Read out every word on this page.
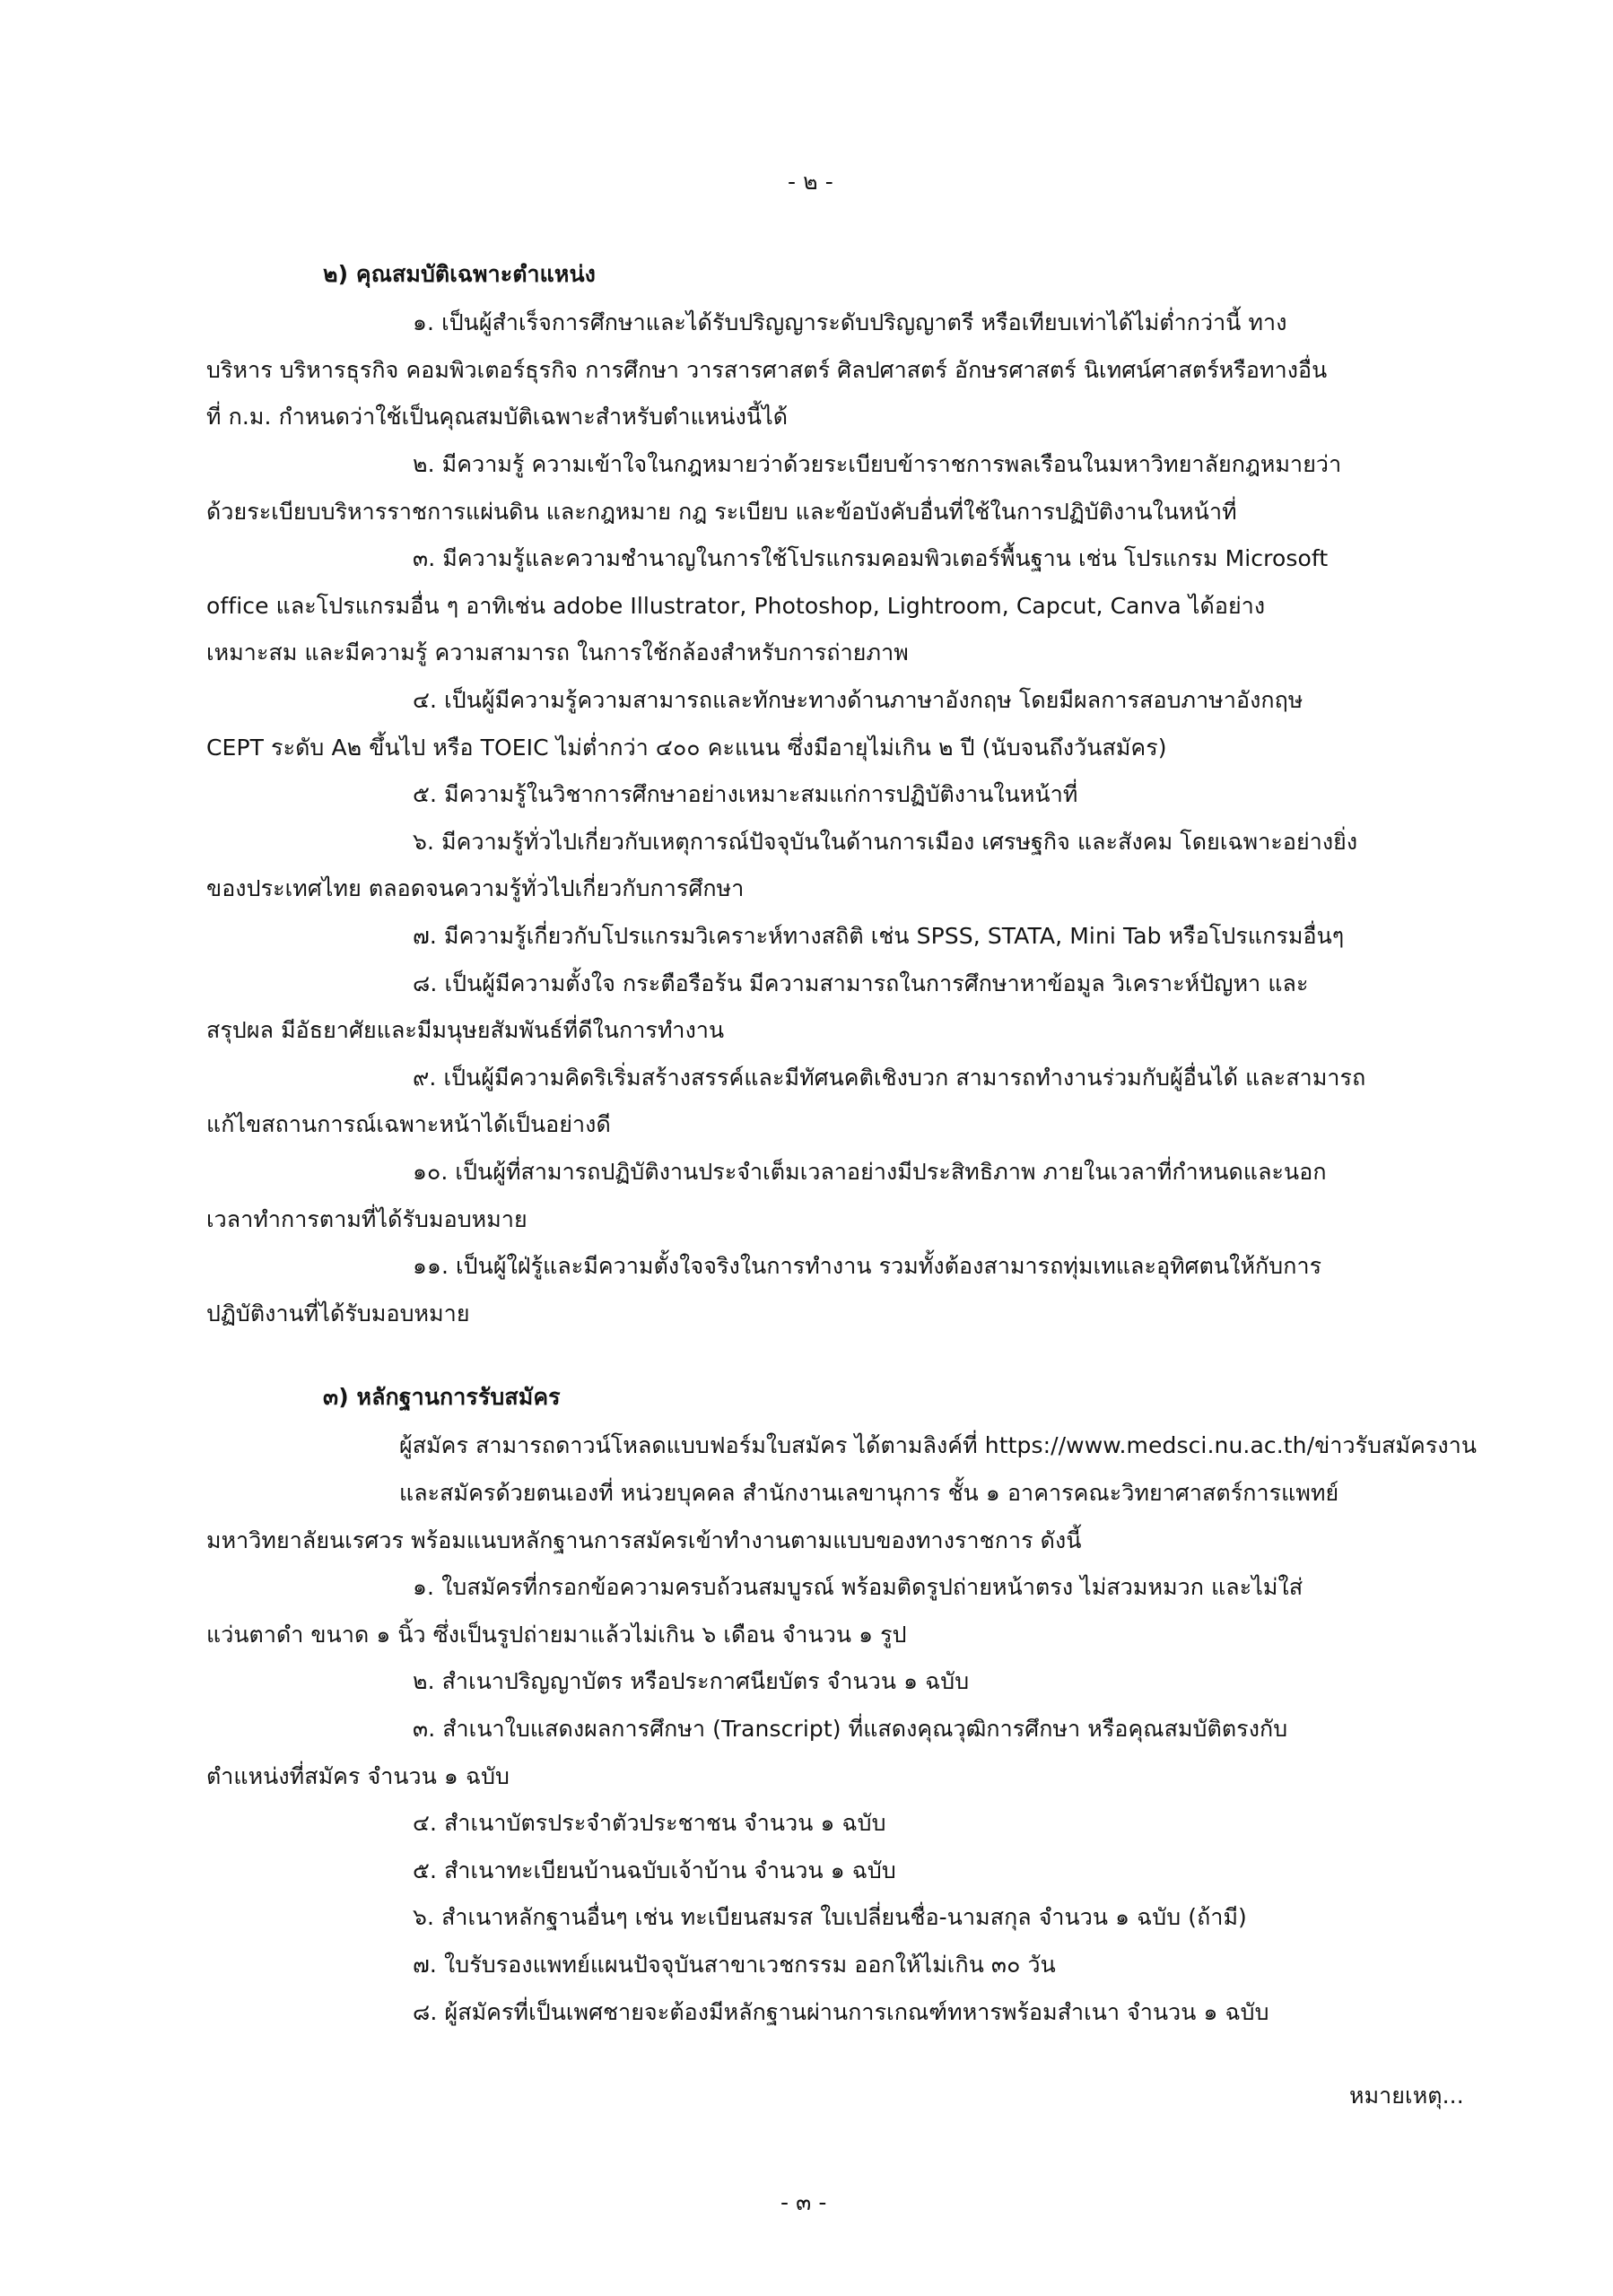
- ๒ -
๒) คุณสมบัติเฉพาะตำแหน่ง
๑. เป็นผู้สำเร็จการศึกษาและได้รับปริญญาระดับปริญญาตรี หรือเทียบเท่าได้ไม่ต่ำกว่านี้ ทาง
บริหาร บริหารธุรกิจ คอมพิวเตอร์ธุรกิจ การศึกษา วารสารศาสตร์ ศิลปศาสตร์ อักษรศาสตร์ นิเทศน์ศาสตร์หรือทางอื่น
ที่ ก.ม. กำหนดว่าใช้เป็นคุณสมบัติเฉพาะสำหรับตำแหน่งนี้ได้
๒. มีความรู้ ความเข้าใจในกฎหมายว่าด้วยระเบียบข้าราชการพลเรือนในมหาวิทยาลัยกฎหมายว่า
ด้วยระเบียบบริหารราชการแผ่นดิน และกฎหมาย กฎ ระเบียบ และข้อบังคับอื่นที่ใช้ในการปฏิบัติงานในหน้าที่
๓. มีความรู้และความชำนาญในการใช้โปรแกรมคอมพิวเตอร์พื้นฐาน เช่น โปรแกรม Microsoft
office และโปรแกรมอื่น ๆ อาทิเช่น adobe Illustrator, Photoshop, Lightroom, Capcut, Canva ได้อย่าง
เหมาะสม และมีความรู้ ความสามารถ ในการใช้กล้องสำหรับการถ่ายภาพ
๔. เป็นผู้มีความรู้ความสามารถและทักษะทางด้านภาษาอังกฤษ โดยมีผลการสอบภาษาอังกฤษ
CEPT ระดับ A๒ ขึ้นไป หรือ TOEIC ไม่ต่ำกว่า ๔๐๐ คะแนน ซึ่งมีอายุไม่เกิน ๒ ปี (นับจนถึงวันสมัคร)
๕. มีความรู้ในวิชาการศึกษาอย่างเหมาะสมแก่การปฏิบัติงานในหน้าที่
๖. มีความรู้ทั่วไปเกี่ยวกับเหตุการณ์ปัจจุบันในด้านการเมือง เศรษฐกิจ และสังคม โดยเฉพาะอย่างยิ่ง
ของประเทศไทย ตลอดจนความรู้ทั่วไปเกี่ยวกับการศึกษา
๗. มีความรู้เกี่ยวกับโปรแกรมวิเคราะห์ทางสถิติ เช่น SPSS, STATA, Mini Tab หรือโปรแกรมอื่นๆ
๘. เป็นผู้มีความตั้งใจ กระตือรือร้น มีความสามารถในการศึกษาหาข้อมูล วิเคราะห์ปัญหา และ
สรุปผล มีอัธยาศัยและมีมนุษยสัมพันธ์ที่ดีในการทำงาน
๙. เป็นผู้มีความคิดริเริ่มสร้างสรรค์และมีทัศนคติเชิงบวก สามารถทำงานร่วมกับผู้อื่นได้ และสามารถ
แก้ไขสถานการณ์เฉพาะหน้าได้เป็นอย่างดี
๑๐. เป็นผู้ที่สามารถปฏิบัติงานประจำเต็มเวลาอย่างมีประสิทธิภาพ ภายในเวลาที่กำหนดและนอก
เวลาทำการตามที่ได้รับมอบหมาย
๑๑. เป็นผู้ใฝ่รู้และมีความตั้งใจจริงในการทำงาน รวมทั้งต้องสามารถทุ่มเทและอุทิศตนให้กับการ
ปฏิบัติงานที่ได้รับมอบหมาย
๓) หลักฐานการรับสมัคร
ผู้สมัคร สามารถดาวน์โหลดแบบฟอร์มใบสมัคร ได้ตามลิงค์ที่ https://www.medsci.nu.ac.th/ข่าวรับสมัครงาน
และสมัครด้วยตนเองที่ หน่วยบุคคล สำนักงานเลขานุการ ชั้น ๑ อาคารคณะวิทยาศาสตร์การแพทย์
มหาวิทยาลัยนเรศวร พร้อมแนบหลักฐานการสมัครเข้าทำงานตามแบบของทางราชการ ดังนี้
๑. ใบสมัครที่กรอกข้อความครบถ้วนสมบูรณ์ พร้อมติดรูปถ่ายหน้าตรง ไม่สวมหมวก และไม่ใส่
แว่นตาดำ ขนาด ๑ นิ้ว ซึ่งเป็นรูปถ่ายมาแล้วไม่เกิน ๖ เดือน จำนวน ๑ รูป
๒. สำเนาปริญญาบัตร หรือประกาศนียบัตร จำนวน ๑ ฉบับ
๓. สำเนาใบแสดงผลการศึกษา (Transcript) ที่แสดงคุณวุฒิการศึกษา หรือคุณสมบัติตรงกับ
ตำแหน่งที่สมัคร จำนวน ๑ ฉบับ
๔. สำเนาบัตรประจำตัวประชาชน จำนวน ๑ ฉบับ
๕. สำเนาทะเบียนบ้านฉบับเจ้าบ้าน จำนวน ๑ ฉบับ
๖. สำเนาหลักฐานอื่นๆ เช่น ทะเบียนสมรส ใบเปลี่ยนชื่อ-นามสกุล จำนวน ๑ ฉบับ (ถ้ามี)
๗. ใบรับรองแพทย์แผนปัจจุบันสาขาเวชกรรม ออกให้ไม่เกิน ๓๐ วัน
๘. ผู้สมัครที่เป็นเพศชายจะต้องมีหลักฐานผ่านการเกณฑ์ทหารพร้อมสำเนา จำนวน ๑ ฉบับ
หมายเหตุ...
- ๓ -
